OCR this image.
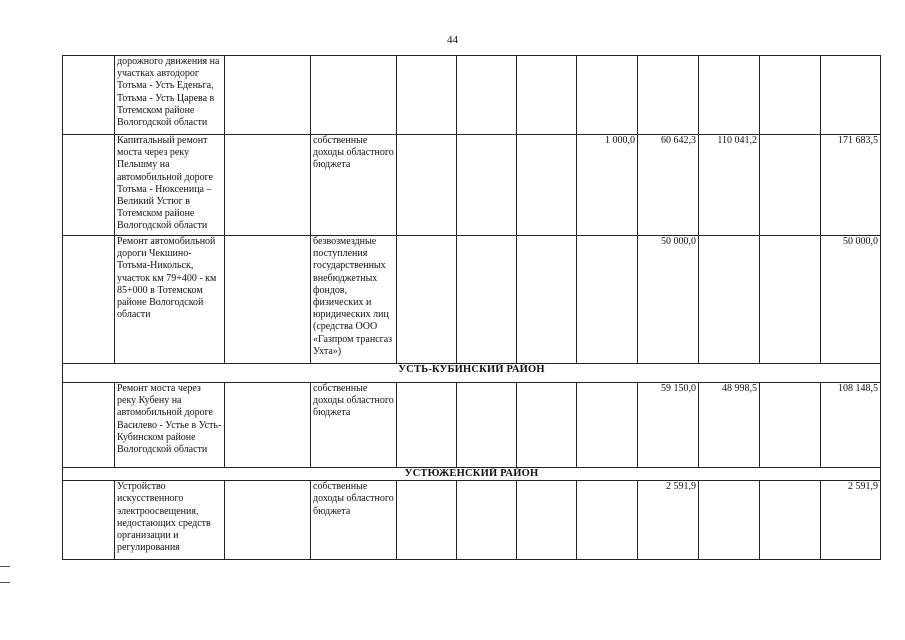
44
	дорожного движения на участках автодорог Тотьма - Усть Еденьга, Тотьма - Усть Царева в Тотемском районе Вологодской области										
	Капитальный ремонт моста через реку Пельшму на автомобильной дороге Тотьма - Нюксеница – Великий Устюг в Тотемском районе Вологодской области		собственные доходы областного бюджета				1 000,0	60 642,3	110 041,2		171 683,5
	Ремонт автомобильной дороги Чекшино-Тотьма-Никольск, участок км 79+400 - км 85+000 в Тотемском районе Вологодской области		безвозмездные поступления государственных внебюджетных фондов, физических и юридических лиц (средства ООО «Газпром трансгаз Ухта»)					50 000,0			50 000,0
УСТЬ-КУБИНСКИЙ РАЙОН											
	Ремонт моста через реку Кубену на автомобильной дороге Василево - Устье в Усть-Кубинском районе Вологодской области		собственные доходы областного бюджета					59 150,0	48 998,5		108 148,5
УСТЮЖЕНСКИЙ РАЙОН											
	Устройство искусственного электроосвещения, недостающих средств организации и регулирования		собственные доходы областного бюджета					2 591,9			2 591,9
